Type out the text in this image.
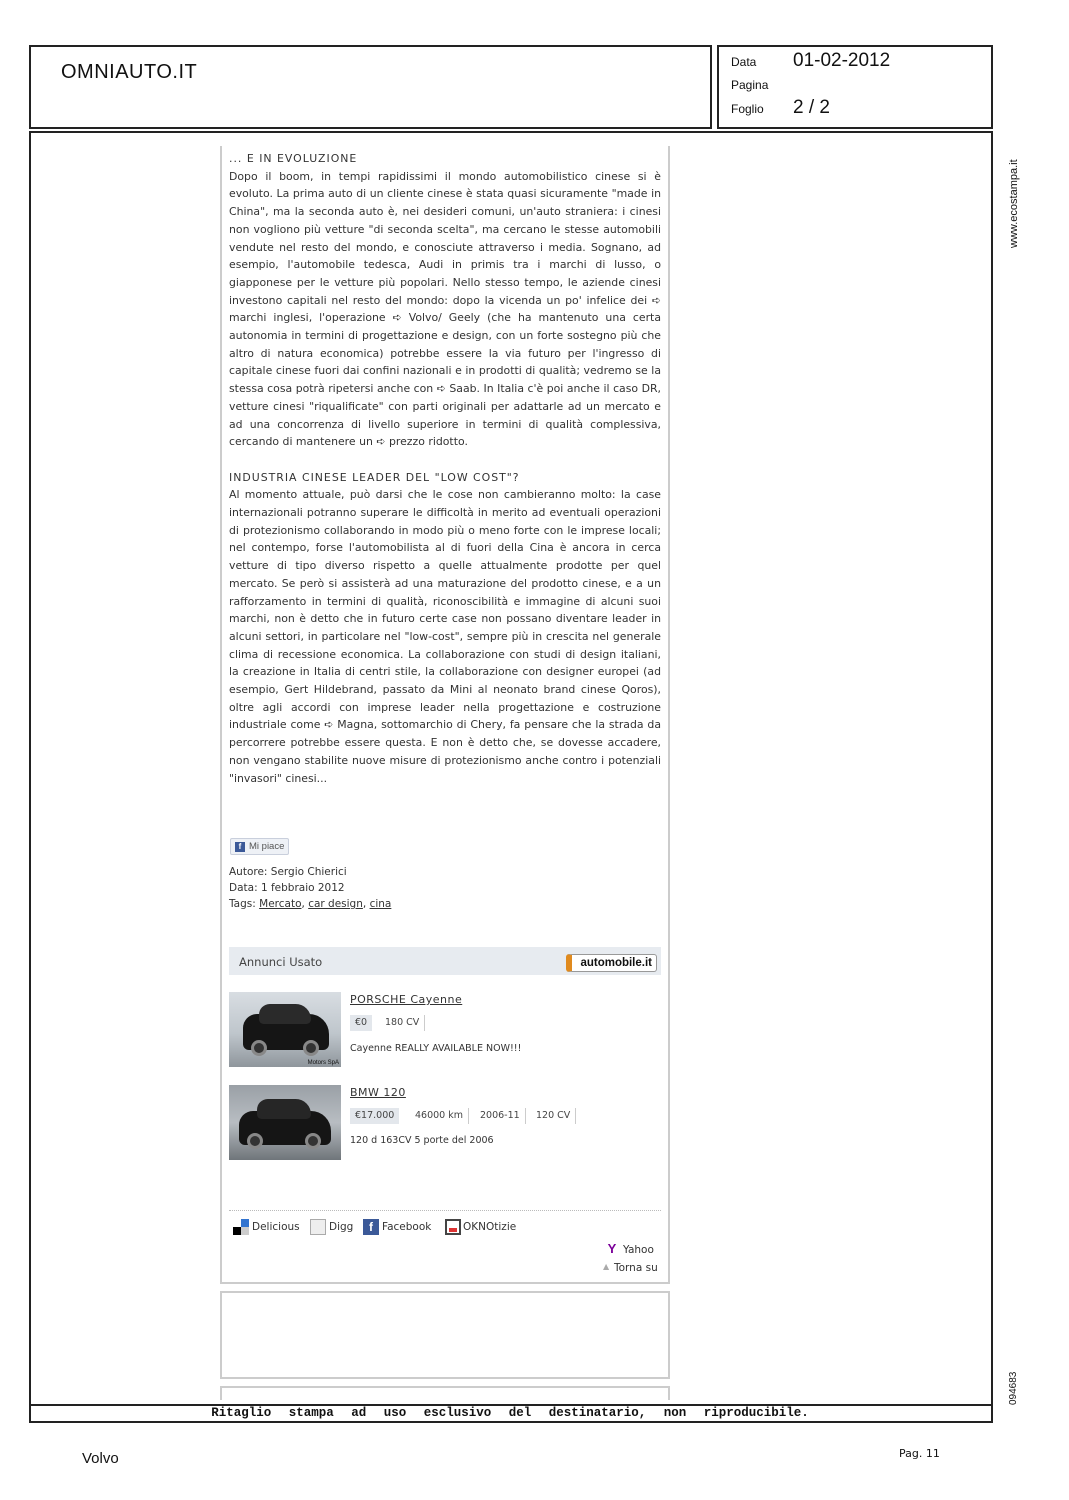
OMNIAUTO.IT	Data 01-02-2012
Pagina
Foglio 2 / 2
Ritaglio stampa ad uso esclusivo del destinatario, non riproducibile.
www.ecostampa.it
094683

... E IN EVOLUZIONE

Dopo il boom, in tempi rapidissimi il mondo automobilistico cinese si è evoluto. La prima auto di un cliente cinese è stata quasi sicuramente "made in China", ma la seconda auto è, nei desideri comuni, un'auto straniera: i cinesi non vogliono più vetture "di seconda scelta", ma cercano le stesse automobili vendute nel resto del mondo, e conosciute attraverso i media. Sognano, ad esempio, l'automobile tedesca, Audi in primis tra i marchi di lusso, o giapponese per le vetture più popolari. Nello stesso tempo, le aziende cinesi investono capitali nel resto del mondo: dopo la vicenda un po' infelice dei ➪ marchi inglesi, l'operazione ➪ Volvo/ Geely (che ha mantenuto una certa autonomia in termini di progettazione e design, con un forte sostegno più che altro di natura economica) potrebbe essere la via futuro per l'ingresso di capitale cinese fuori dai confini nazionali e in prodotti di qualità; vedremo se la stessa cosa potrà ripetersi anche con ➪ Saab. In Italia c'è poi anche il caso DR, vetture cinesi "riqualificate" con parti originali per adattarle ad un mercato e ad una concorrenza di livello superiore in termini di qualità complessiva, cercando di mantenere un ➪ prezzo ridotto.

INDUSTRIA CINESE LEADER DEL "LOW COST"?

Al momento attuale, può darsi che le cose non cambieranno molto: la case internazionali potranno superare le difficoltà in merito ad eventuali operazioni di protezionismo collaborando in modo più o meno forte con le imprese locali; nel contempo, forse l'automobilista al di fuori della Cina è ancora in cerca vetture di tipo diverso rispetto a quelle attualmente prodotte per quel mercato. Se però si assisterà ad una maturazione del prodotto cinese, e a un rafforzamento in termini di qualità, riconoscibilità e immagine di alcuni suoi marchi, non è detto che in futuro certe case non possano diventare leader in alcuni settori, in particolare nel "low-cost", sempre più in crescita nel generale clima di recessione economica. La collaborazione con studi di design italiani, la creazione in Italia di centri stile, la collaborazione con designer europei (ad esempio, Gert Hildebrand, passato da Mini al neonato brand cinese Qoros), oltre agli accordi con imprese leader nella progettazione e costruzione industriale come ➪ Magna, sottomarchio di Chery, fa pensare che la strada da percorrere potrebbe essere questa. E non è detto che, se dovesse accadere, non vengano stabilite nuove misure di protezionismo anche contro i potenziali "invasori" cinesi...

f Mi piace
Autore: Sergio Chierici
Data: 1 febbraio 2012
Tags: Mercato, car design, cina
Annunci Usato	automobile.it
Motors SpA
PORSCHE Cayenne
€0	180 CV
Cayenne REALLY AVAILABLE NOW!!!
BMW 120
€17.000	46000 km	2006-11	120 CV
120 d 163CV 5 porte del 2006
Delicious	Digg	f Facebook	OKNOtizie
Y Yahoo
▲ Torna su
Volvo	Pag. 11
